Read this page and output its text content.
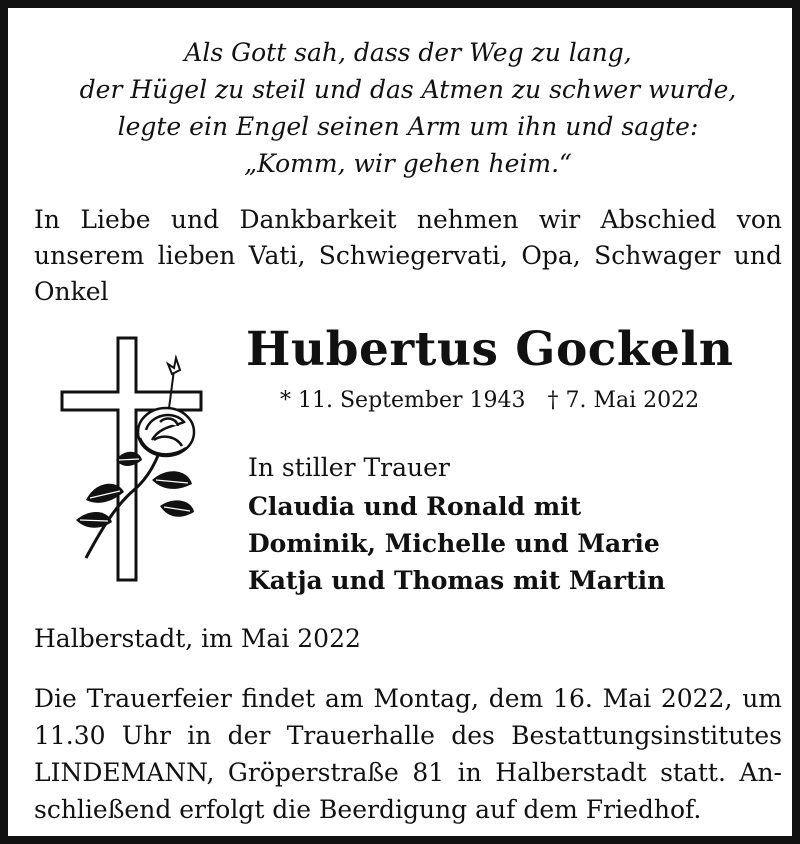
Als Gott sah, dass der Weg zu lang,
der Hügel zu steil und das Atmen zu schwer wurde,
legte ein Engel seinen Arm um ihn und sagte:
„Komm, wir gehen heim.“
In Liebe und Dankbarkeit nehmen wir Abschied von
unserem lieben Vati, Schwiegervati, Opa, Schwager und
Onkel
Hubertus Gockeln
* 11. September 1943 † 7. Mai 2022
In stiller Trauer
Claudia und Ronald mit
Dominik, Michelle und Marie
Katja und Thomas mit Martin
Halberstadt, im Mai 2022
Die Trauerfeier findet am Montag, dem 16. Mai 2022, um
11.30 Uhr in der Trauerhalle des Bestattungsinstitutes
LINDEMANN, Gröperstraße 81 in Halberstadt statt. An-
schließend erfolgt die Beerdigung auf dem Friedhof.
